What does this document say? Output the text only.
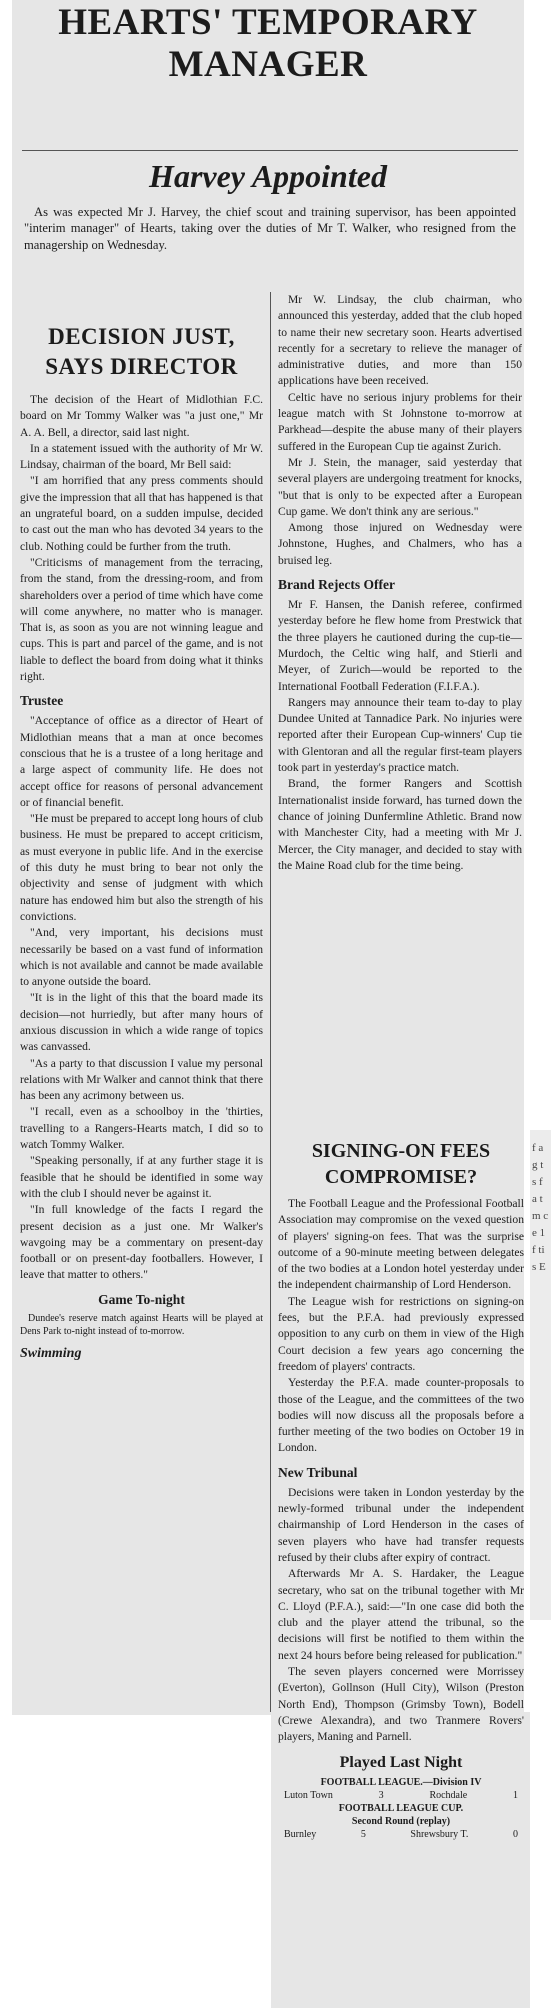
f a g t s f a t m c e 1 f ti s E
HEARTS' TEMPORARY MANAGER
Harvey Appointed

As was expected Mr J. Harvey, the chief scout and training supervisor, has been appointed "interim manager" of Hearts, taking over the duties of Mr T. Walker, who resigned from the managership on Wednesday.

DECISION JUST, SAYS DIRECTOR

The decision of the Heart of Midlothian F.C. board on Mr Tommy Walker was "a just one," Mr A. A. Bell, a director, said last night.

In a statement issued with the authority of Mr W. Lindsay, chairman of the board, Mr Bell said:

"I am horrified that any press comments should give the impression that all that has happened is that an ungrateful board, on a sudden impulse, decided to cast out the man who has devoted 34 years to the club. Nothing could be further from the truth.

"Criticisms of management from the terracing, from the stand, from the dressing-room, and from shareholders over a period of time which have come will come anywhere, no matter who is manager. That is, as soon as you are not winning league and cups. This is part and parcel of the game, and is not liable to deflect the board from doing what it thinks right.

Trustee

"Acceptance of office as a director of Heart of Midlothian means that a man at once becomes conscious that he is a trustee of a long heritage and a large aspect of community life. He does not accept office for reasons of personal advancement or of financial benefit.

"He must be prepared to accept long hours of club business. He must be prepared to accept criticism, as must everyone in public life. And in the exercise of this duty he must bring to bear not only the objectivity and sense of judgment with which nature has endowed him but also the strength of his convictions.

"And, very important, his decisions must necessarily be based on a vast fund of information which is not available and cannot be made available to anyone outside the board.

"It is in the light of this that the board made its decision—not hurriedly, but after many hours of anxious discussion in which a wide range of topics was canvassed.

"As a party to that discussion I value my personal relations with Mr Walker and cannot think that there has been any acrimony between us.

"I recall, even as a schoolboy in the 'thirties, travelling to a Rangers-Hearts match, I did so to watch Tommy Walker.

"Speaking personally, if at any further stage it is feasible that he should be identified in some way with the club I should never be against it.

"In full knowledge of the facts I regard the present decision as a just one. Mr Walker's wavgoing may be a commentary on present-day football or on present-day footballers. However, I leave that matter to others."

Game To-night

Dundee's reserve match against Hearts will be played at Dens Park to-night instead of to-morrow.

Swimming

Mr W. Lindsay, the club chairman, who announced this yesterday, added that the club hoped to name their new secretary soon. Hearts advertised recently for a secretary to relieve the manager of administrative duties, and more than 150 applications have been received.

Celtic have no serious injury problems for their league match with St Johnstone to-morrow at Parkhead—despite the abuse many of their players suffered in the European Cup tie against Zurich.

Mr J. Stein, the manager, said yesterday that several players are undergoing treatment for knocks, "but that is only to be expected after a European Cup game. We don't think any are serious."

Among those injured on Wednesday were Johnstone, Hughes, and Chalmers, who has a bruised leg.

Brand Rejects Offer

Mr F. Hansen, the Danish referee, confirmed yesterday before he flew home from Prestwick that the three players he cautioned during the cup-tie—Murdoch, the Celtic wing half, and Stierli and Meyer, of Zurich—would be reported to the International Football Federation (F.I.F.A.).

Rangers may announce their team to-day to play Dundee United at Tannadice Park. No injuries were reported after their European Cup-winners' Cup tie with Glentoran and all the regular first-team players took part in yesterday's practice match.

Brand, the former Rangers and Scottish Internationalist inside forward, has turned down the chance of joining Dunfermline Athletic. Brand now with Manchester City, had a meeting with Mr J. Mercer, the City manager, and decided to stay with the Maine Road club for the time being.

SIGNING-ON FEES COMPROMISE?

The Football League and the Professional Football Association may compromise on the vexed question of players' signing-on fees. That was the surprise outcome of a 90-minute meeting between delegates of the two bodies at a London hotel yesterday under the independent chairmanship of Lord Henderson.

The League wish for restrictions on signing-on fees, but the P.F.A. had previously expressed opposition to any curb on them in view of the High Court decision a few years ago concerning the freedom of players' contracts.

Yesterday the P.F.A. made counter-proposals to those of the League, and the committees of the two bodies will now discuss all the proposals before a further meeting of the two bodies on October 19 in London.

New Tribunal

Decisions were taken in London yesterday by the newly-formed tribunal under the independent chairmanship of Lord Henderson in the cases of seven players who have had transfer requests refused by their clubs after expiry of contract.

Afterwards Mr A. S. Hardaker, the League secretary, who sat on the tribunal together with Mr C. Lloyd (P.F.A.), said:—"In one case did both the club and the player attend the tribunal, so the decisions will first be notified to them within the next 24 hours before being released for publication."

The seven players concerned were Morrissey (Everton), Gollnson (Hull City), Wilson (Preston North End), Thompson (Grimsby Town), Bodell (Crewe Alexandra), and two Tranmere Rovers' players, Maning and Parnell.

Played Last Night

FOOTBALL LEAGUE.—Division IV

Luton Town	3	Rochdale	1

FOOTBALL LEAGUE CUP.

Second Round (replay)

Burnley	5	Shrewsbury T.	0
